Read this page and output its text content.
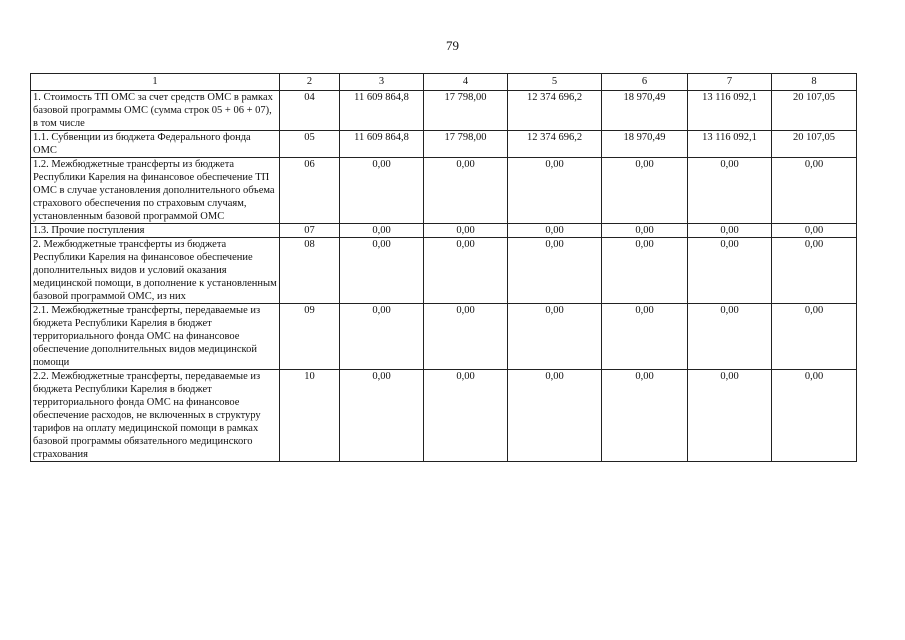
79
1	2	3	4	5	6	7	8
1. Стоимость ТП ОМС за счет средств ОМС в рамках базовой программы ОМС (сумма строк 05 + 06 + 07), в том числе	04	11 609 864,8	17 798,00	12 374 696,2	18 970,49	13 116 092,1	20 107,05
1.1. Субвенции из бюджета Федерального фонда ОМС	05	11 609 864,8	17 798,00	12 374 696,2	18 970,49	13 116 092,1	20 107,05
1.2. Межбюджетные трансферты из бюджета Республики Карелия на финансовое обеспечение ТП ОМС в случае установления дополнительного объема страхового обеспечения по страховым случаям, установленным базовой программой ОМС	06	0,00	0,00	0,00	0,00	0,00	0,00
1.3. Прочие поступления	07	0,00	0,00	0,00	0,00	0,00	0,00
2. Межбюджетные трансферты из бюджета Республики Карелия на финансовое обеспечение дополнительных видов и условий оказания медицинской помощи, в дополнение к установленным базовой программой ОМС, из них	08	0,00	0,00	0,00	0,00	0,00	0,00
2.1. Межбюджетные трансферты, передаваемые из бюджета Республики Карелия в бюджет территориального фонда ОМС на финансовое обеспечение дополнительных видов медицинской помощи	09	0,00	0,00	0,00	0,00	0,00	0,00
2.2. Межбюджетные трансферты, передаваемые из бюджета Республики Карелия в бюджет территориального фонда ОМС на финансовое обеспечение расходов, не включенных в структуру тарифов на оплату медицинской помощи в рамках базовой программы обязательного медицинского страхования	10	0,00	0,00	0,00	0,00	0,00	0,00
